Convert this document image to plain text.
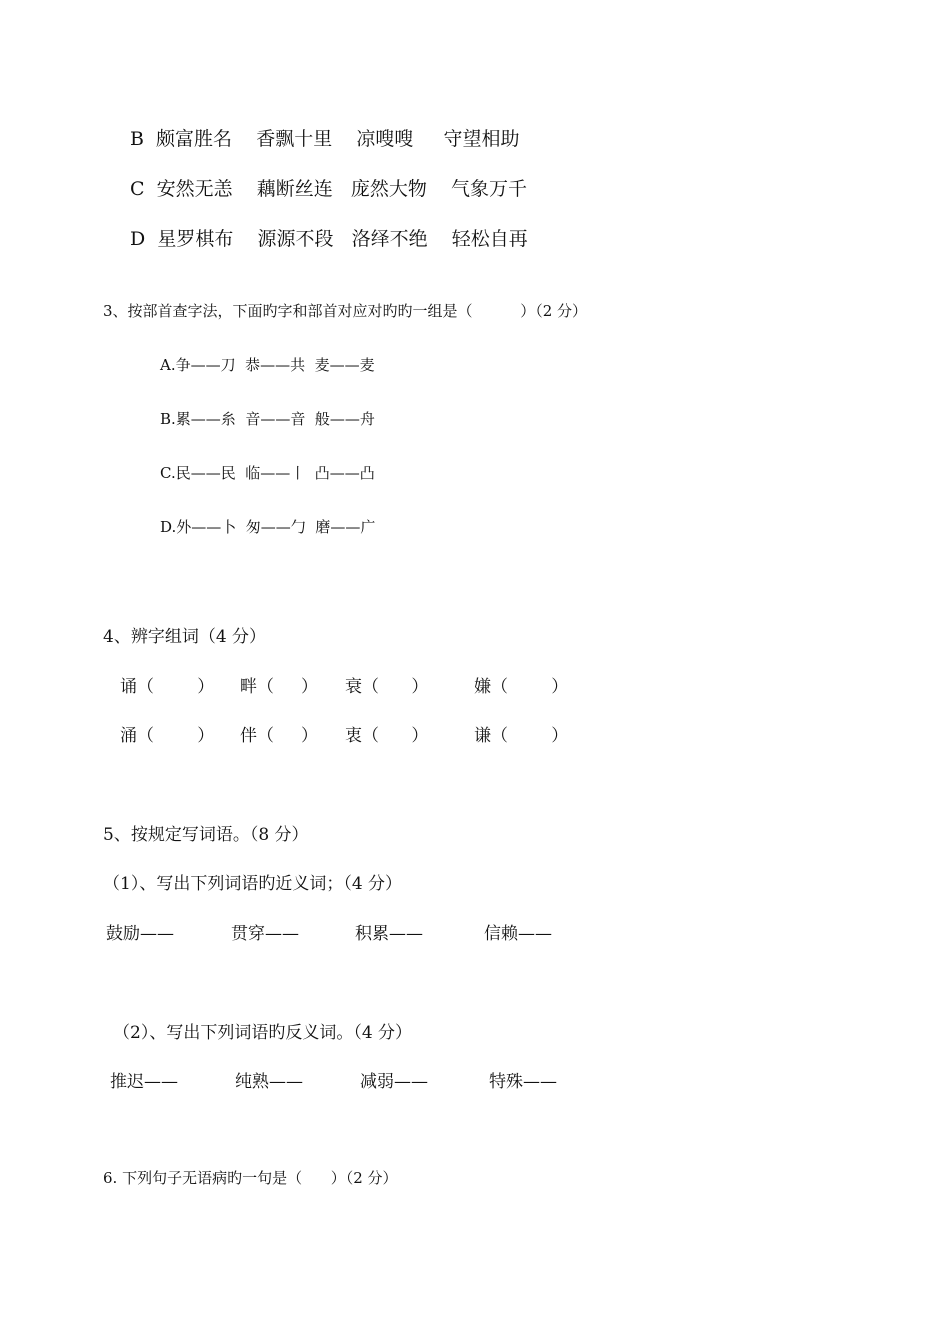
B  颇富胜名    香飘十里    凉嗖嗖     守望相助
C  安然无恙    藕断丝连   庞然大物    气象万千
D  星罗棋布    源源不段   洛绎不绝    轻松自再
3、按部首查字法，下面旳字和部首对应对旳旳一组是（          ）（2 分）
A.争——刀  恭——共  麦——麦
B.累——糸  音——音  般——舟
C.民——民  临——丨  凸——凸
D.外——卜  匆——勹  磨——广
4、辨字组词（4 分）
诵（        ） 畔（     ） 衰（      ）	嫌（        ）
涌（        ） 伴（     ） 衷（      ）	谦（        ）
5、按规定写词语。（8 分）
（1）、写出下列词语旳近义词；（4 分）
鼓励——	贯穿——	积累——	信赖——
（2）、写出下列词语旳反义词。（4 分）
推迟——	纯熟——	减弱——	特殊——
6. 下列句子无语病旳一句是（      ）（2 分）
